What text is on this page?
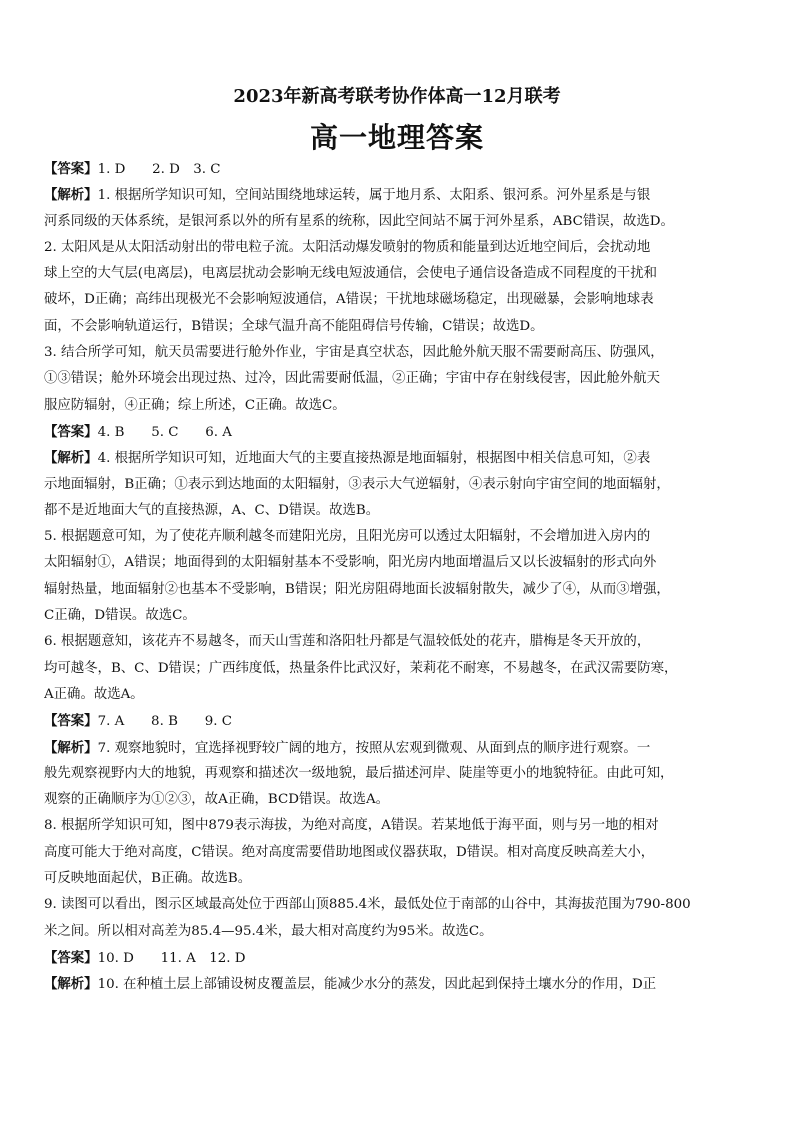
2023年新高考联考协作体高一12月联考
高一地理答案
【答案】1. D　　2. D　3. C
【解析】1. 根据所学知识可知，空间站围绕地球运转，属于地月系、太阳系、银河系。河外星系是与银
河系同级的天体系统，是银河系以外的所有星系的统称，因此空间站不属于河外星系，ABC错误，故选D。
2. 太阳风是从太阳活动射出的带电粒子流。太阳活动爆发喷射的物质和能量到达近地空间后，会扰动地
球上空的大气层(电离层)，电离层扰动会影响无线电短波通信，会使电子通信设备造成不同程度的干扰和
破坏，D正确；高纬出现极光不会影响短波通信，A错误；干扰地球磁场稳定，出现磁暴，会影响地球表
面，不会影响轨道运行，B错误；全球气温升高不能阻碍信号传输，C错误；故选D。
3. 结合所学可知，航天员需要进行舱外作业，宇宙是真空状态，因此舱外航天服不需要耐高压、防强风，
①③错误；舱外环境会出现过热、过冷，因此需要耐低温，②正确；宇宙中存在射线侵害，因此舱外航天
服应防辐射，④正确；综上所述，C正确。故选C。
【答案】4. B　　5. C　　6. A
【解析】4. 根据所学知识可知，近地面大气的主要直接热源是地面辐射，根据图中相关信息可知，②表
示地面辐射，B正确；①表示到达地面的太阳辐射，③表示大气逆辐射，④表示射向宇宙空间的地面辐射，
都不是近地面大气的直接热源，A、C、D错误。故选B。
5. 根据题意可知，为了使花卉顺利越冬而建阳光房，且阳光房可以透过太阳辐射，不会增加进入房内的
太阳辐射①，A错误；地面得到的太阳辐射基本不受影响，阳光房内地面增温后又以长波辐射的形式向外
辐射热量，地面辐射②也基本不受影响，B错误；阳光房阻碍地面长波辐射散失，减少了④，从而③增强，
C正确，D错误。故选C。
6. 根据题意知，该花卉不易越冬，而天山雪莲和洛阳牡丹都是气温较低处的花卉，腊梅是冬天开放的，
均可越冬，B、C、D错误；广西纬度低，热量条件比武汉好，茉莉花不耐寒，不易越冬，在武汉需要防寒，
A正确。故选A。
【答案】7. A　　8. B　　9. C
【解析】7. 观察地貌时，宜选择视野较广阔的地方，按照从宏观到微观、从面到点的顺序进行观察。一
般先观察视野内大的地貌，再观察和描述次一级地貌，最后描述河岸、陡崖等更小的地貌特征。由此可知，
观察的正确顺序为①②③，故A正确，BCD错误。故选A。
8. 根据所学知识可知，图中879表示海拔，为绝对高度，A错误。若某地低于海平面，则与另一地的相对
高度可能大于绝对高度，C错误。绝对高度需要借助地图或仪器获取，D错误。相对高度反映高差大小，
可反映地面起伏，B正确。故选B。
9. 读图可以看出，图示区域最高处位于西部山顶885.4米，最低处位于南部的山谷中，其海拔范围为790-800
米之间。所以相对高差为85.4—95.4米，最大相对高度约为95米。故选C。
【答案】10. D　　11. A　12. D
【解析】10. 在种植土层上部铺设树皮覆盖层，能减少水分的蒸发，因此起到保持土壤水分的作用，D正
